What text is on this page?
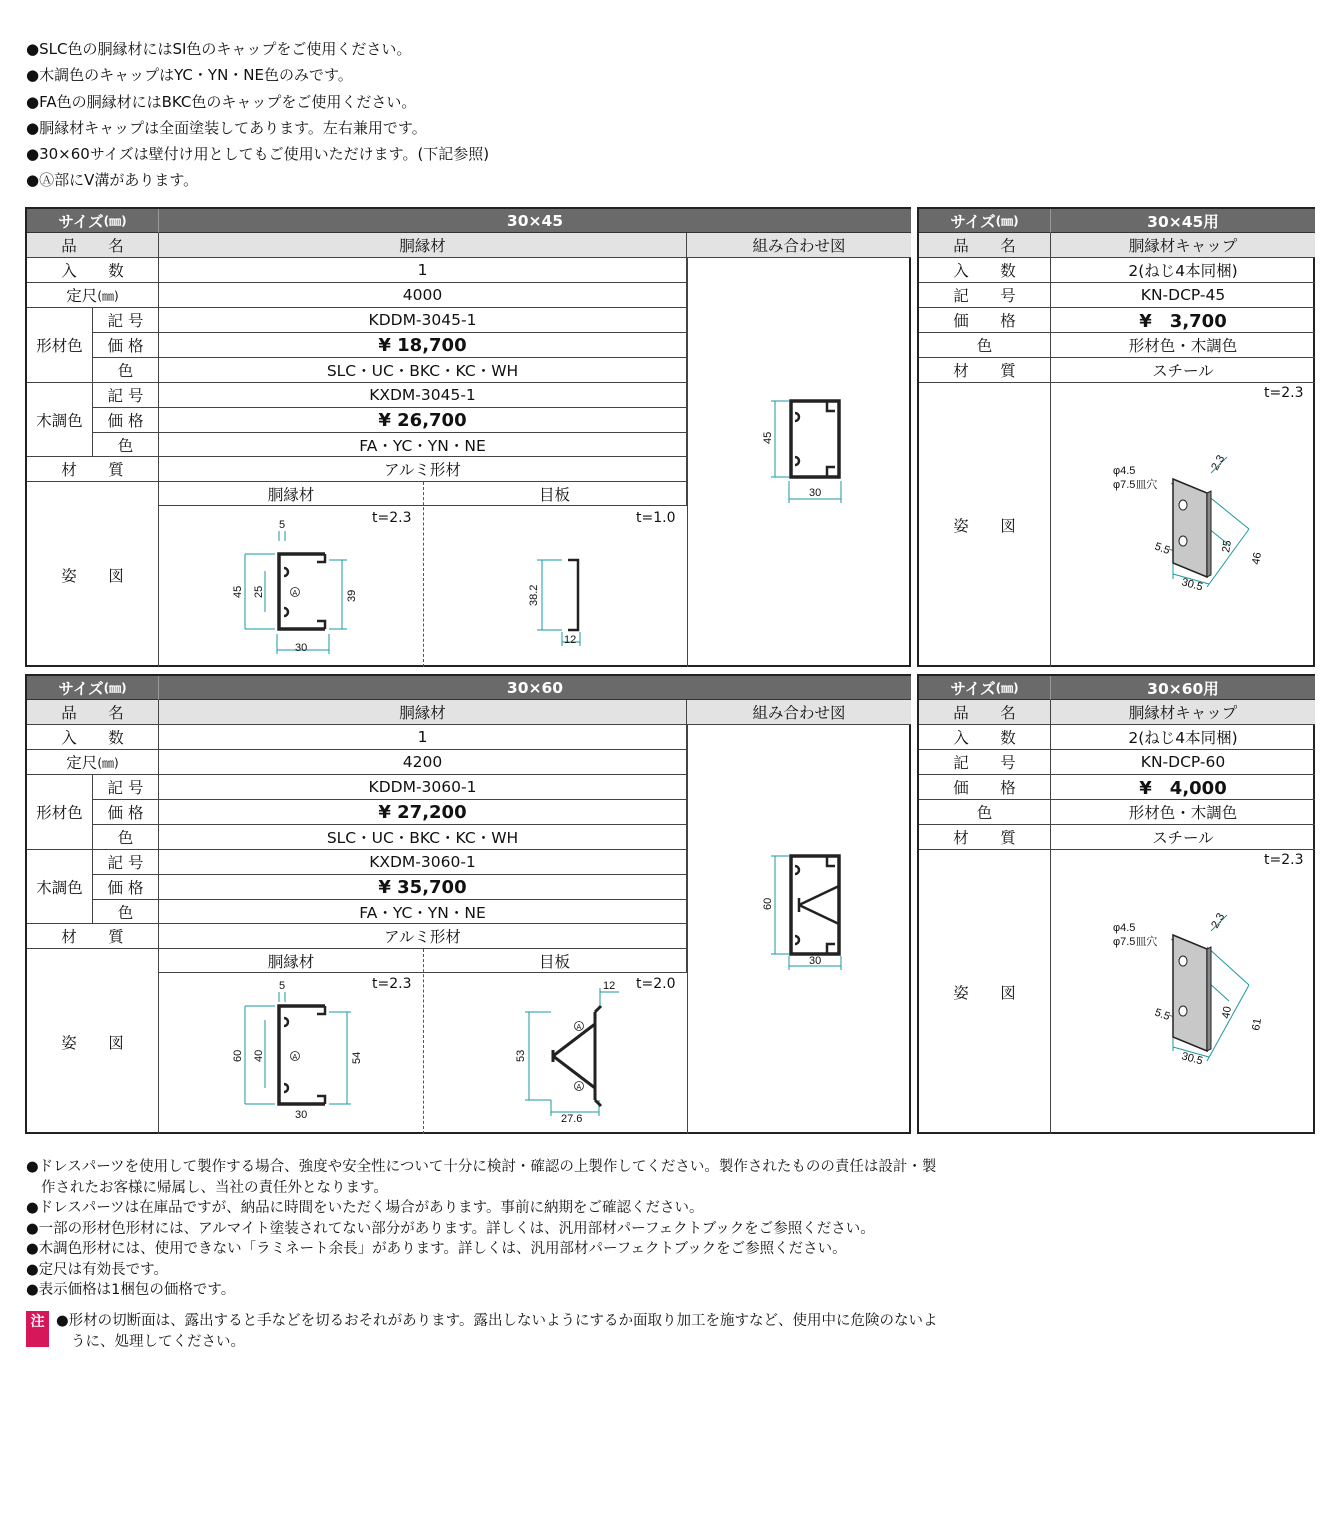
● SLC色の胴縁材にはSI色のキャップをご使用ください。
● 木調色のキャップはYC・YN・NE色のみです。
● FA色の胴縁材にはBKC色のキャップをご使用ください。
● 胴縁材キャップは全面塗装してあります。左右兼用です。
● 30×60サイズは壁付け用としてもご使用いただけます。(下記参照)
● Ⓐ部にV溝があります。
サイズ (㎜)	30×45
品　名	胴縁材	組み合わせ図
入　数	1
定尺 (㎜)	4000
形材色
記 号	KDDM-3045-1
価 格	¥ 18,700
色	SLC・UC・BKC・KC・WH
木調色
記 号	KXDM-3045-1
価 格	¥ 26,700
色	FA・YC・YN・NE
材　質	アルミ形材
姿　図
胴縁材	目板
t=2.3	t=1.0
A
5
45 25	39
30
38.2
12
45
30
サイズ (㎜)	30×45用
品　名	胴縁材キャップ
入　数	2(ねじ4本同梱)
記　号	KN-DCP-45
価　格	¥　3,700
色	形材色・木調色
材　質	スチール
姿　図
t=2.3
φ4.5
φ7.5皿穴
2.3
25
46
5.5
30.5
サイズ (㎜)	30×60
品　名	胴縁材	組み合わせ図
入　数	1
定尺 (㎜)	4200
形材色
記 号	KDDM-3060-1
価 格	¥ 27,200
色	SLC・UC・BKC・KC・WH
木調色
記 号	KXDM-3060-1
価 格	¥ 35,700
色	FA・YC・YN・NE
材　質	アルミ形材
姿　図
胴縁材	目板
t=2.3	t=2.0
A
5
60 40	54
30
A
A
12
53
27.6
60
30
サイズ (㎜)	30×60用
品　名	胴縁材キャップ
入　数	2(ねじ4本同梱)
記　号	KN-DCP-60
価　格	¥　4,000
色	形材色・木調色
材　質	スチール
姿　図
t=2.3
φ4.5
φ7.5皿穴
2.3
40
61
5.5
30.5
● ドレスパーツを使用して製作する場合、強度や安全性について十分に検討・確認の上製作してください。製作されたものの責任は設計・製
作されたお客様に帰属し、当社の責任外となります。
● ドレスパーツは在庫品ですが、納品に時間をいただく場合があります。事前に納期をご確認ください。
● 一部の形材色形材には、アルマイト塗装されてない部分があります。詳しくは、汎用部材パーフェクトブックをご参照ください。
● 木調色形材には、使用できない「ラミネート余長」があります。詳しくは、汎用部材パーフェクトブックをご参照ください。
● 定尺は有効長です。
● 表示価格は1梱包の価格です。
注 ●形材の切断面は、露出すると手などを切るおそれがあります。露出しないようにするか面取り加工を施すなど、使用中に危険のないよ
うに、処理してください。
